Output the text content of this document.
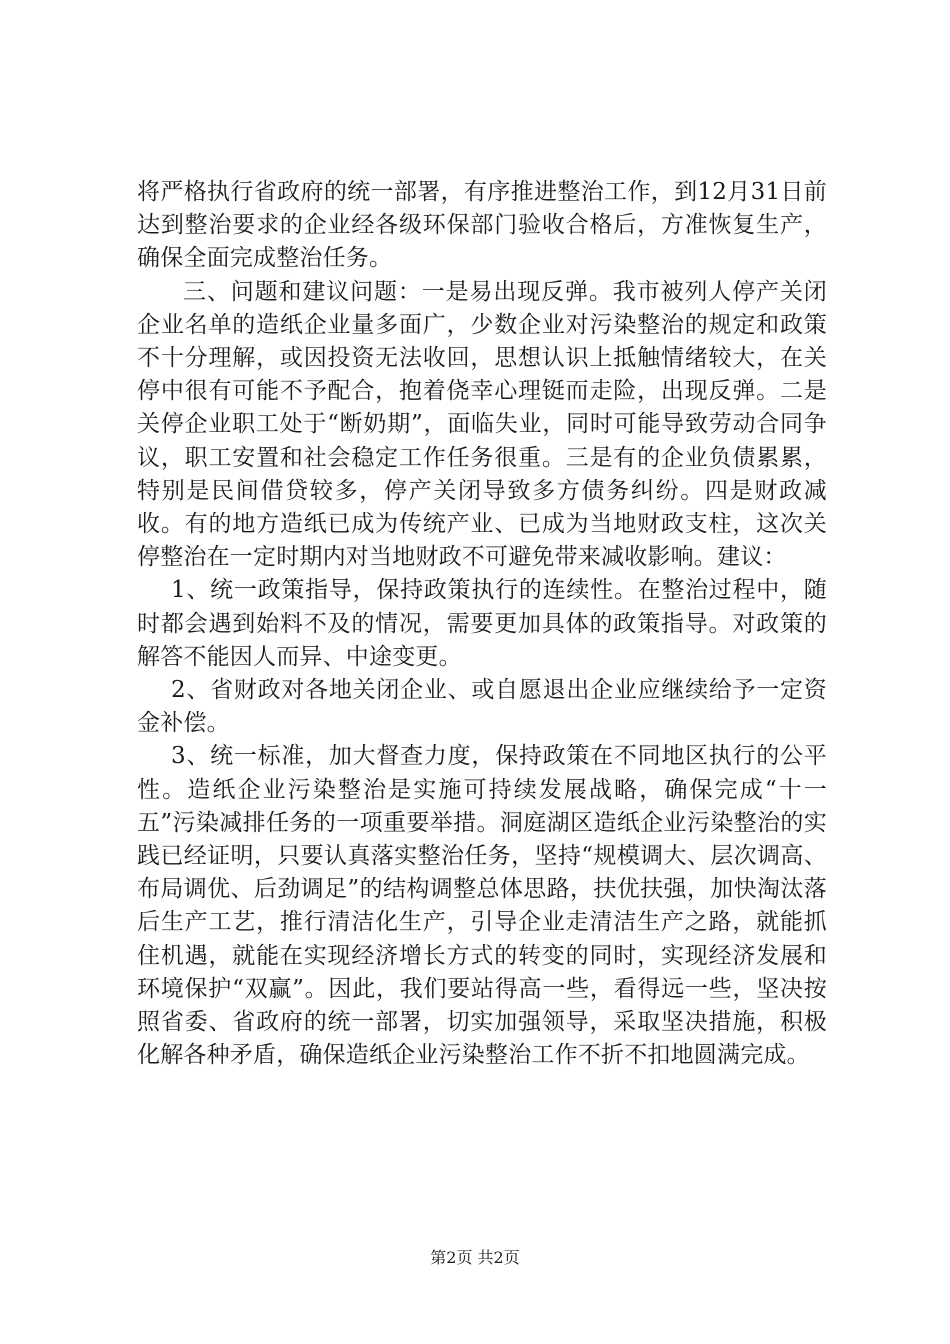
将严格执行省政府的统一部署，有序推进整治工作，到12月31日前达到整治要求的企业经各级环保部门验收合格后，方准恢复生产，确保全面完成整治任务。

三、问题和建议问题：一是易出现反弹。我市被列人停产关闭企业名单的造纸企业量多面广，少数企业对污染整治的规定和政策不十分理解，或因投资无法收回，思想认识上抵触情绪较大，在关停中很有可能不予配合，抱着侥幸心理铤而走险，出现反弹。二是关停企业职工处于“断奶期”，面临失业，同时可能导致劳动合同争议，职工安置和社会稳定工作任务很重。三是有的企业负债累累，特别是民间借贷较多，停产关闭导致多方债务纠纷。四是财政减收。有的地方造纸已成为传统产业、已成为当地财政支柱，这次关停整治在一定时期内对当地财政不可避免带来减收影响。建议：

1、统一政策指导，保持政策执行的连续性。在整治过程中，随时都会遇到始料不及的情况，需要更加具体的政策指导。对政策的解答不能因人而异、中途变更。

2、省财政对各地关闭企业、或自愿退出企业应继续给予一定资金补偿。

3、统一标准，加大督查力度，保持政策在不同地区执行的公平性。造纸企业污染整治是实施可持续发展战略，确保完成“十一五”污染减排任务的一项重要举措。洞庭湖区造纸企业污染整治的实践已经证明，只要认真落实整治任务，坚持“规模调大、层次调高、布局调优、后劲调足”的结构调整总体思路，扶优扶强，加快淘汰落后生产工艺，推行清洁化生产，引导企业走清洁生产之路，就能抓住机遇，就能在实现经济增长方式的转变的同时，实现经济发展和环境保护“双赢”。因此，我们要站得高一些，看得远一些，坚决按照省委、省政府的统一部署，切实加强领导，采取坚决措施，积极化解各种矛盾，确保造纸企业污染整治工作不折不扣地圆满完成。

第2页 共2页
